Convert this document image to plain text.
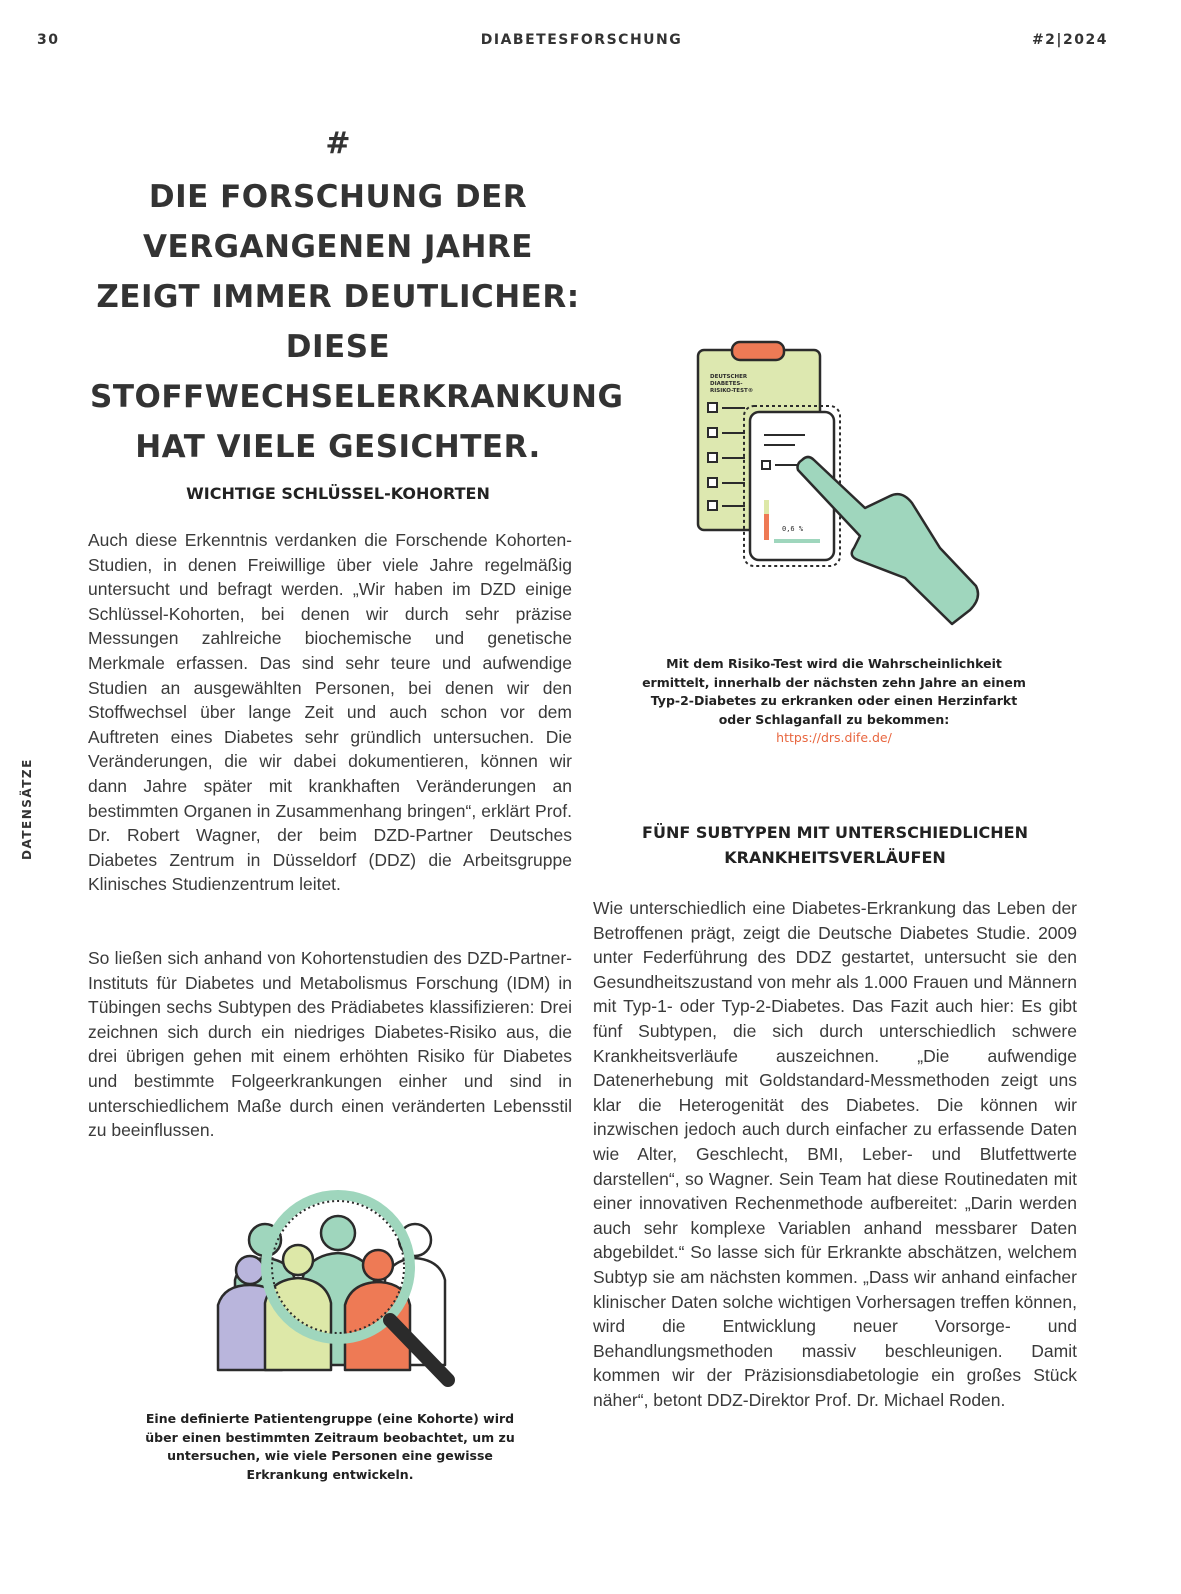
30	DIABETESFORSCHUNG	#2|2024
DATENSÄTZE
#
DIE FORSCHUNG DER VERGANGENEN JAHRE ZEIGT IMMER DEUTLICHER: DIESE STOFFWECHSELERKRANKUNG HAT VIELE GESICHTER.
WICHTIGE SCHLÜSSEL-KOHORTEN

Auch diese Erkenntnis verdanken die Forschende Kohorten-Studien, in denen Freiwillige über viele Jahre regelmäßig untersucht und befragt werden. „Wir haben im DZD einige Schlüssel-Kohorten, bei denen wir durch sehr präzise Messungen zahlreiche biochemische und genetische Merkmale erfassen. Das sind sehr teure und aufwendige Studien an ausgewählten Personen, bei denen wir den Stoffwechsel über lange Zeit und auch schon vor dem Auftreten eines Diabetes sehr gründlich untersuchen. Die Veränderungen, die wir dabei dokumentieren, können wir dann Jahre später mit krankhaften Veränderungen an bestimmten Organen in Zusammenhang bringen“, erklärt Prof. Dr. Robert Wagner, der beim DZD-Partner Deutsches Diabetes Zentrum in Düsseldorf (DDZ) die Arbeitsgruppe Klinisches Studienzentrum leitet.

So ließen sich anhand von Kohortenstudien des DZD-Partner-Instituts für Diabetes und Metabolismus Forschung (IDM) in Tübingen sechs Subtypen des Prädiabetes klassifizieren: Drei zeichnen sich durch ein niedriges Diabetes-Risiko aus, die drei übrigen gehen mit einem erhöhten Risiko für Diabetes und bestimmte Folgeerkrankungen einher und sind in unterschiedlichem Maße durch einen veränderten Lebensstil zu beeinflussen.

Eine definierte Patientengruppe (eine Kohorte) wird über einen bestimmten Zeitraum beobachtet, um zu untersuchen, wie viele Personen eine gewisse Erkrankung entwickeln.
DEUTSCHER
DIABETES-
RISIKO-TEST®
0,6 %
Mit dem Risiko-Test wird die Wahrscheinlichkeit ermittelt, innerhalb der nächsten zehn Jahre an einem Typ-2-Diabetes zu erkranken oder einen Herzinfarkt oder Schlaganfall zu bekommen:
https://drs.dife.de/
FÜNF SUBTYPEN MIT UNTERSCHIEDLICHEN KRANKHEITSVERLÄUFEN

Wie unterschiedlich eine Diabetes-Erkrankung das Leben der Betroffenen prägt, zeigt die Deutsche Diabetes Studie. 2009 unter Federführung des DDZ gestartet, untersucht sie den Gesundheitszustand von mehr als 1.000 Frauen und Männern mit Typ-1- oder Typ-2-Diabetes. Das Fazit auch hier: Es gibt fünf Subtypen, die sich durch unterschiedlich schwere Krankheitsverläufe auszeichnen. „Die aufwendige Datenerhebung mit Goldstandard-Messmethoden zeigt uns klar die Heterogenität des Diabetes. Die können wir inzwischen jedoch auch durch einfacher zu erfassende Daten wie Alter, Geschlecht, BMI, Leber- und Blutfettwerte darstellen“, so Wagner. Sein Team hat diese Routinedaten mit einer innovativen Rechenmethode aufbereitet: „Darin werden auch sehr komplexe Variablen anhand messbarer Daten abgebildet.“ So lasse sich für Erkrankte abschätzen, welchem Subtyp sie am nächsten kommen. „Dass wir anhand einfacher klinischer Daten solche wichtigen Vorhersagen treffen können, wird die Entwicklung neuer Vorsorge- und Behandlungsmethoden massiv beschleunigen. Damit kommen wir der Präzisionsdiabetologie ein großes Stück näher“, betont DDZ-Direktor Prof. Dr. Michael Roden.
